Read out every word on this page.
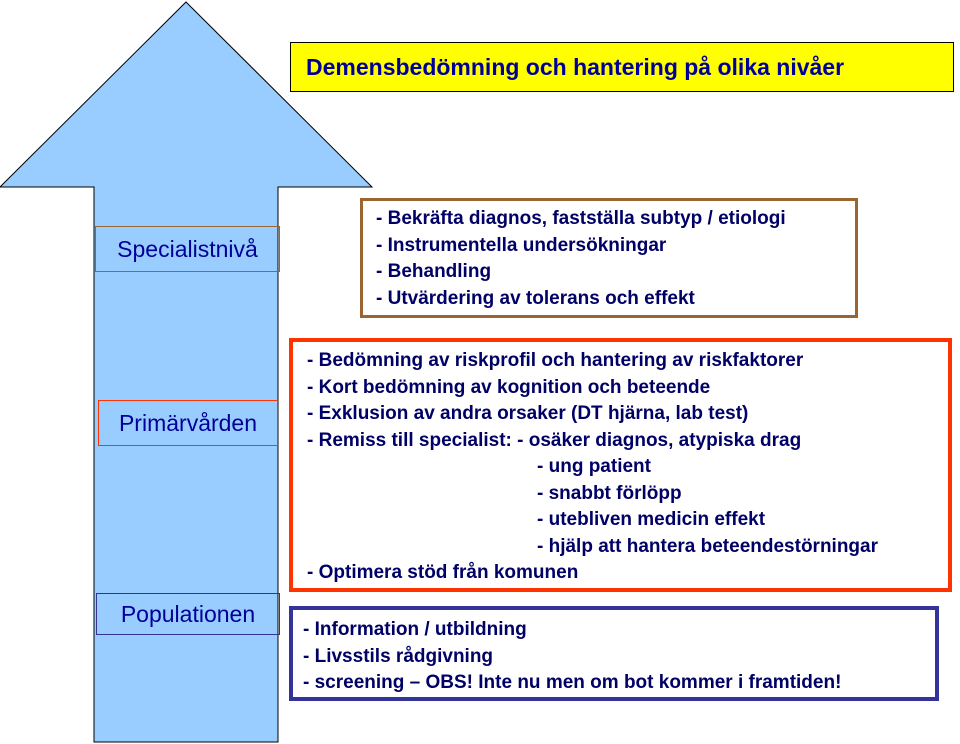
Demensbedömning och hantering på olika nivåer
Specialistnivå
Primärvården
Populationen
- Bekräfta diagnos, fastställa subtyp / etiologi
- Instrumentella undersökningar
- Behandling
- Utvärdering av tolerans och effekt
- Bedömning av riskprofil och hantering av riskfaktorer
- Kort bedömning av kognition och beteende
- Exklusion av andra orsaker (DT hjärna, lab test)
- Remiss till specialist: - osäker diagnos, atypiska drag
- ung patient
- snabbt förlöpp
- utebliven medicin effekt
- hjälp att hantera beteendestörningar
- Optimera stöd från komunen
- Information / utbildning
- Livsstils rådgivning
- screening – OBS! Inte nu men om bot kommer i framtiden!
